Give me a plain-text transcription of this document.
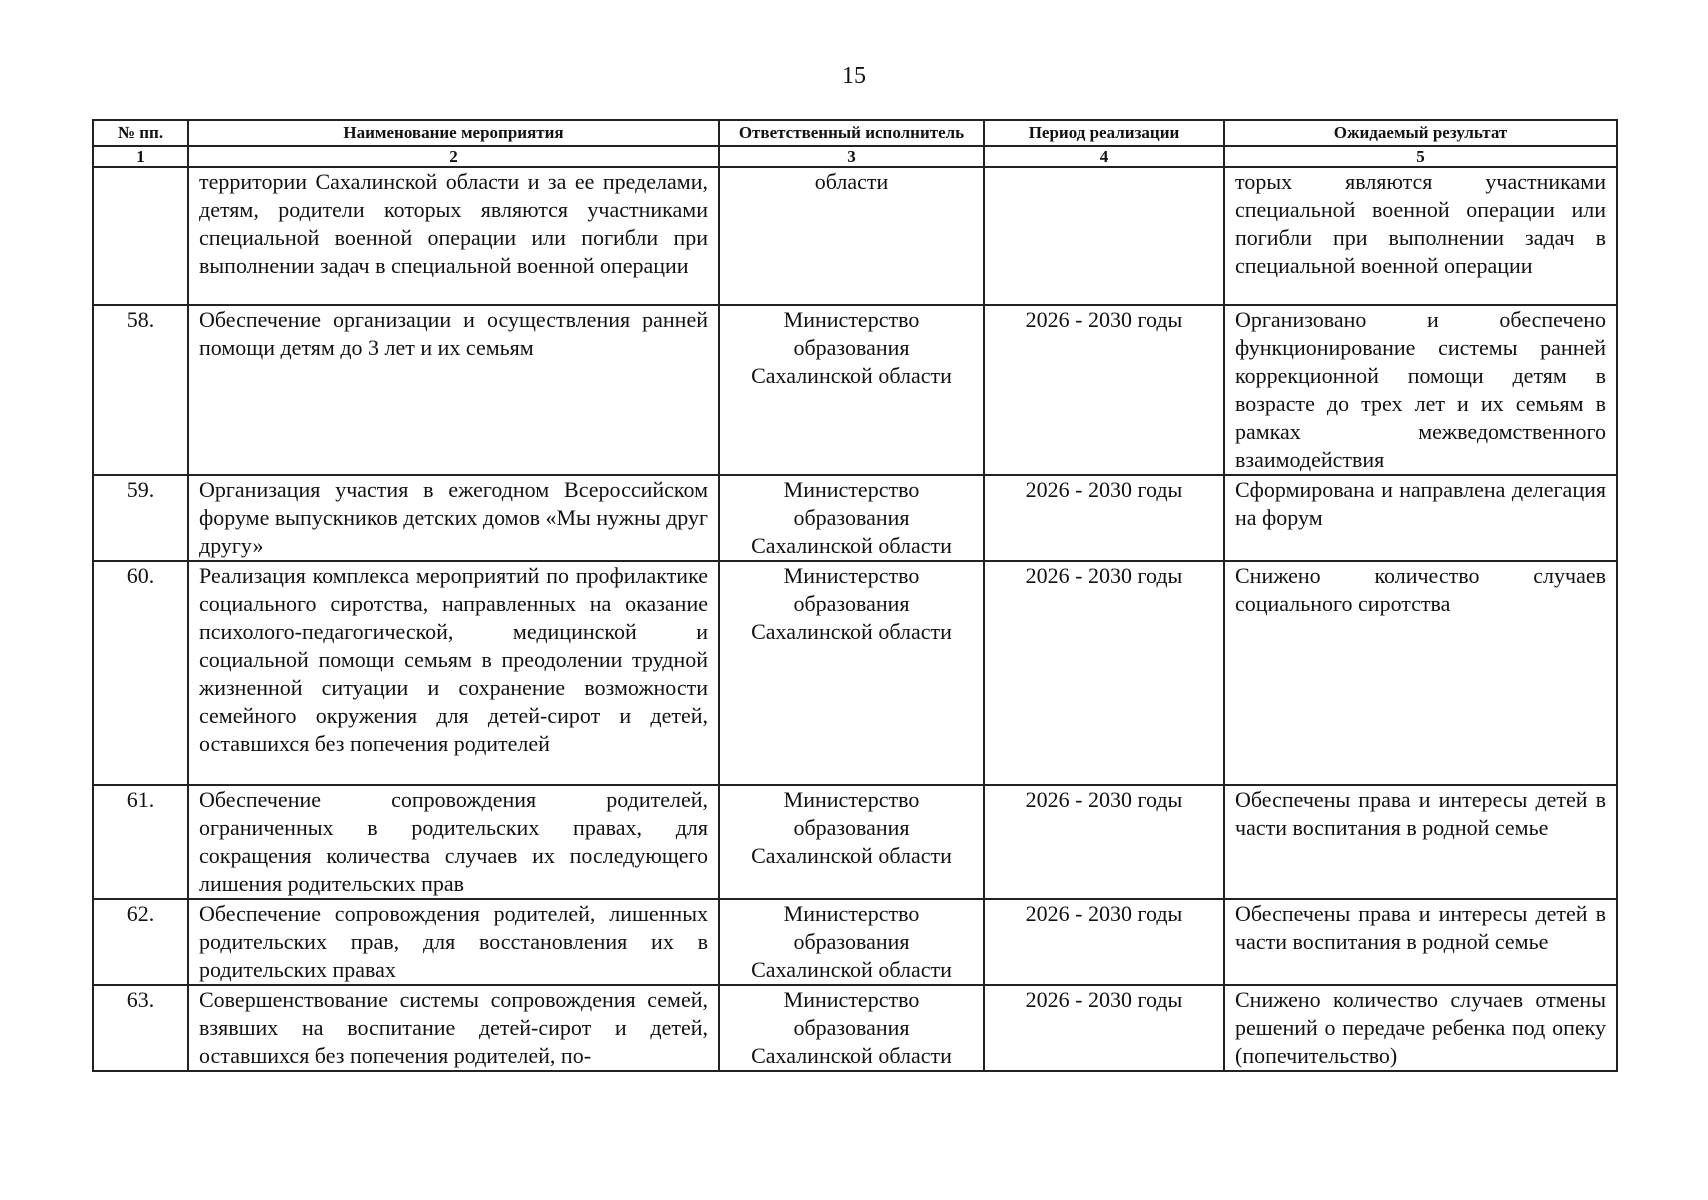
15
№ пп.	Наименование мероприятия	Ответственный исполнитель	Период реализации	Ожидаемый результат
1	2	3	4	5
	территории Сахалинской области и за ее пределами, детям, родители которых являются участниками специальной военной операции или погибли при выполнении задач в специальной военной операции	области		торых являются участниками специальной военной операции или погибли при выполнении задач в специальной военной операции
58.	Обеспечение организации и осуществления ранней помощи детям до 3 лет и их семьям	Министерство образования Сахалинской области	2026 - 2030 годы	Организовано и обеспечено функционирование системы ранней коррекционной помощи детям в возрасте до трех лет и их семьям в рамках межведомственного взаимодействия
59.	Организация участия в ежегодном Всероссийском форуме выпускников детских домов «Мы нужны друг другу»	Министерство образования Сахалинской области	2026 - 2030 годы	Сформирована и направлена делегация на форум
60.	Реализация комплекса мероприятий по профилактике социального сиротства, направленных на оказание психолого-педагогической, медицинской и социальной помощи семьям в преодолении трудной жизненной ситуации и сохранение возможности семейного окружения для детей-сирот и детей, оставшихся без попечения родителей	Министерство образования Сахалинской области	2026 - 2030 годы	Снижено количество случаев социального сиротства
61.	Обеспечение сопровождения родителей, ограниченных в родительских правах, для сокращения количества случаев их последующего лишения родительских прав	Министерство образования Сахалинской области	2026 - 2030 годы	Обеспечены права и интересы детей в части воспитания в родной семье
62.	Обеспечение сопровождения родителей, лишенных родительских прав, для восстановления их в родительских правах	Министерство образования Сахалинской области	2026 - 2030 годы	Обеспечены права и интересы детей в части воспитания в родной семье
63.	Совершенствование системы сопровождения семей, взявших на воспитание детей-сирот и детей, оставшихся без попечения родителей, по-	Министерство образования Сахалинской области	2026 - 2030 годы	Снижено количество случаев отмены решений о передаче ребенка под опеку (попечительство)
